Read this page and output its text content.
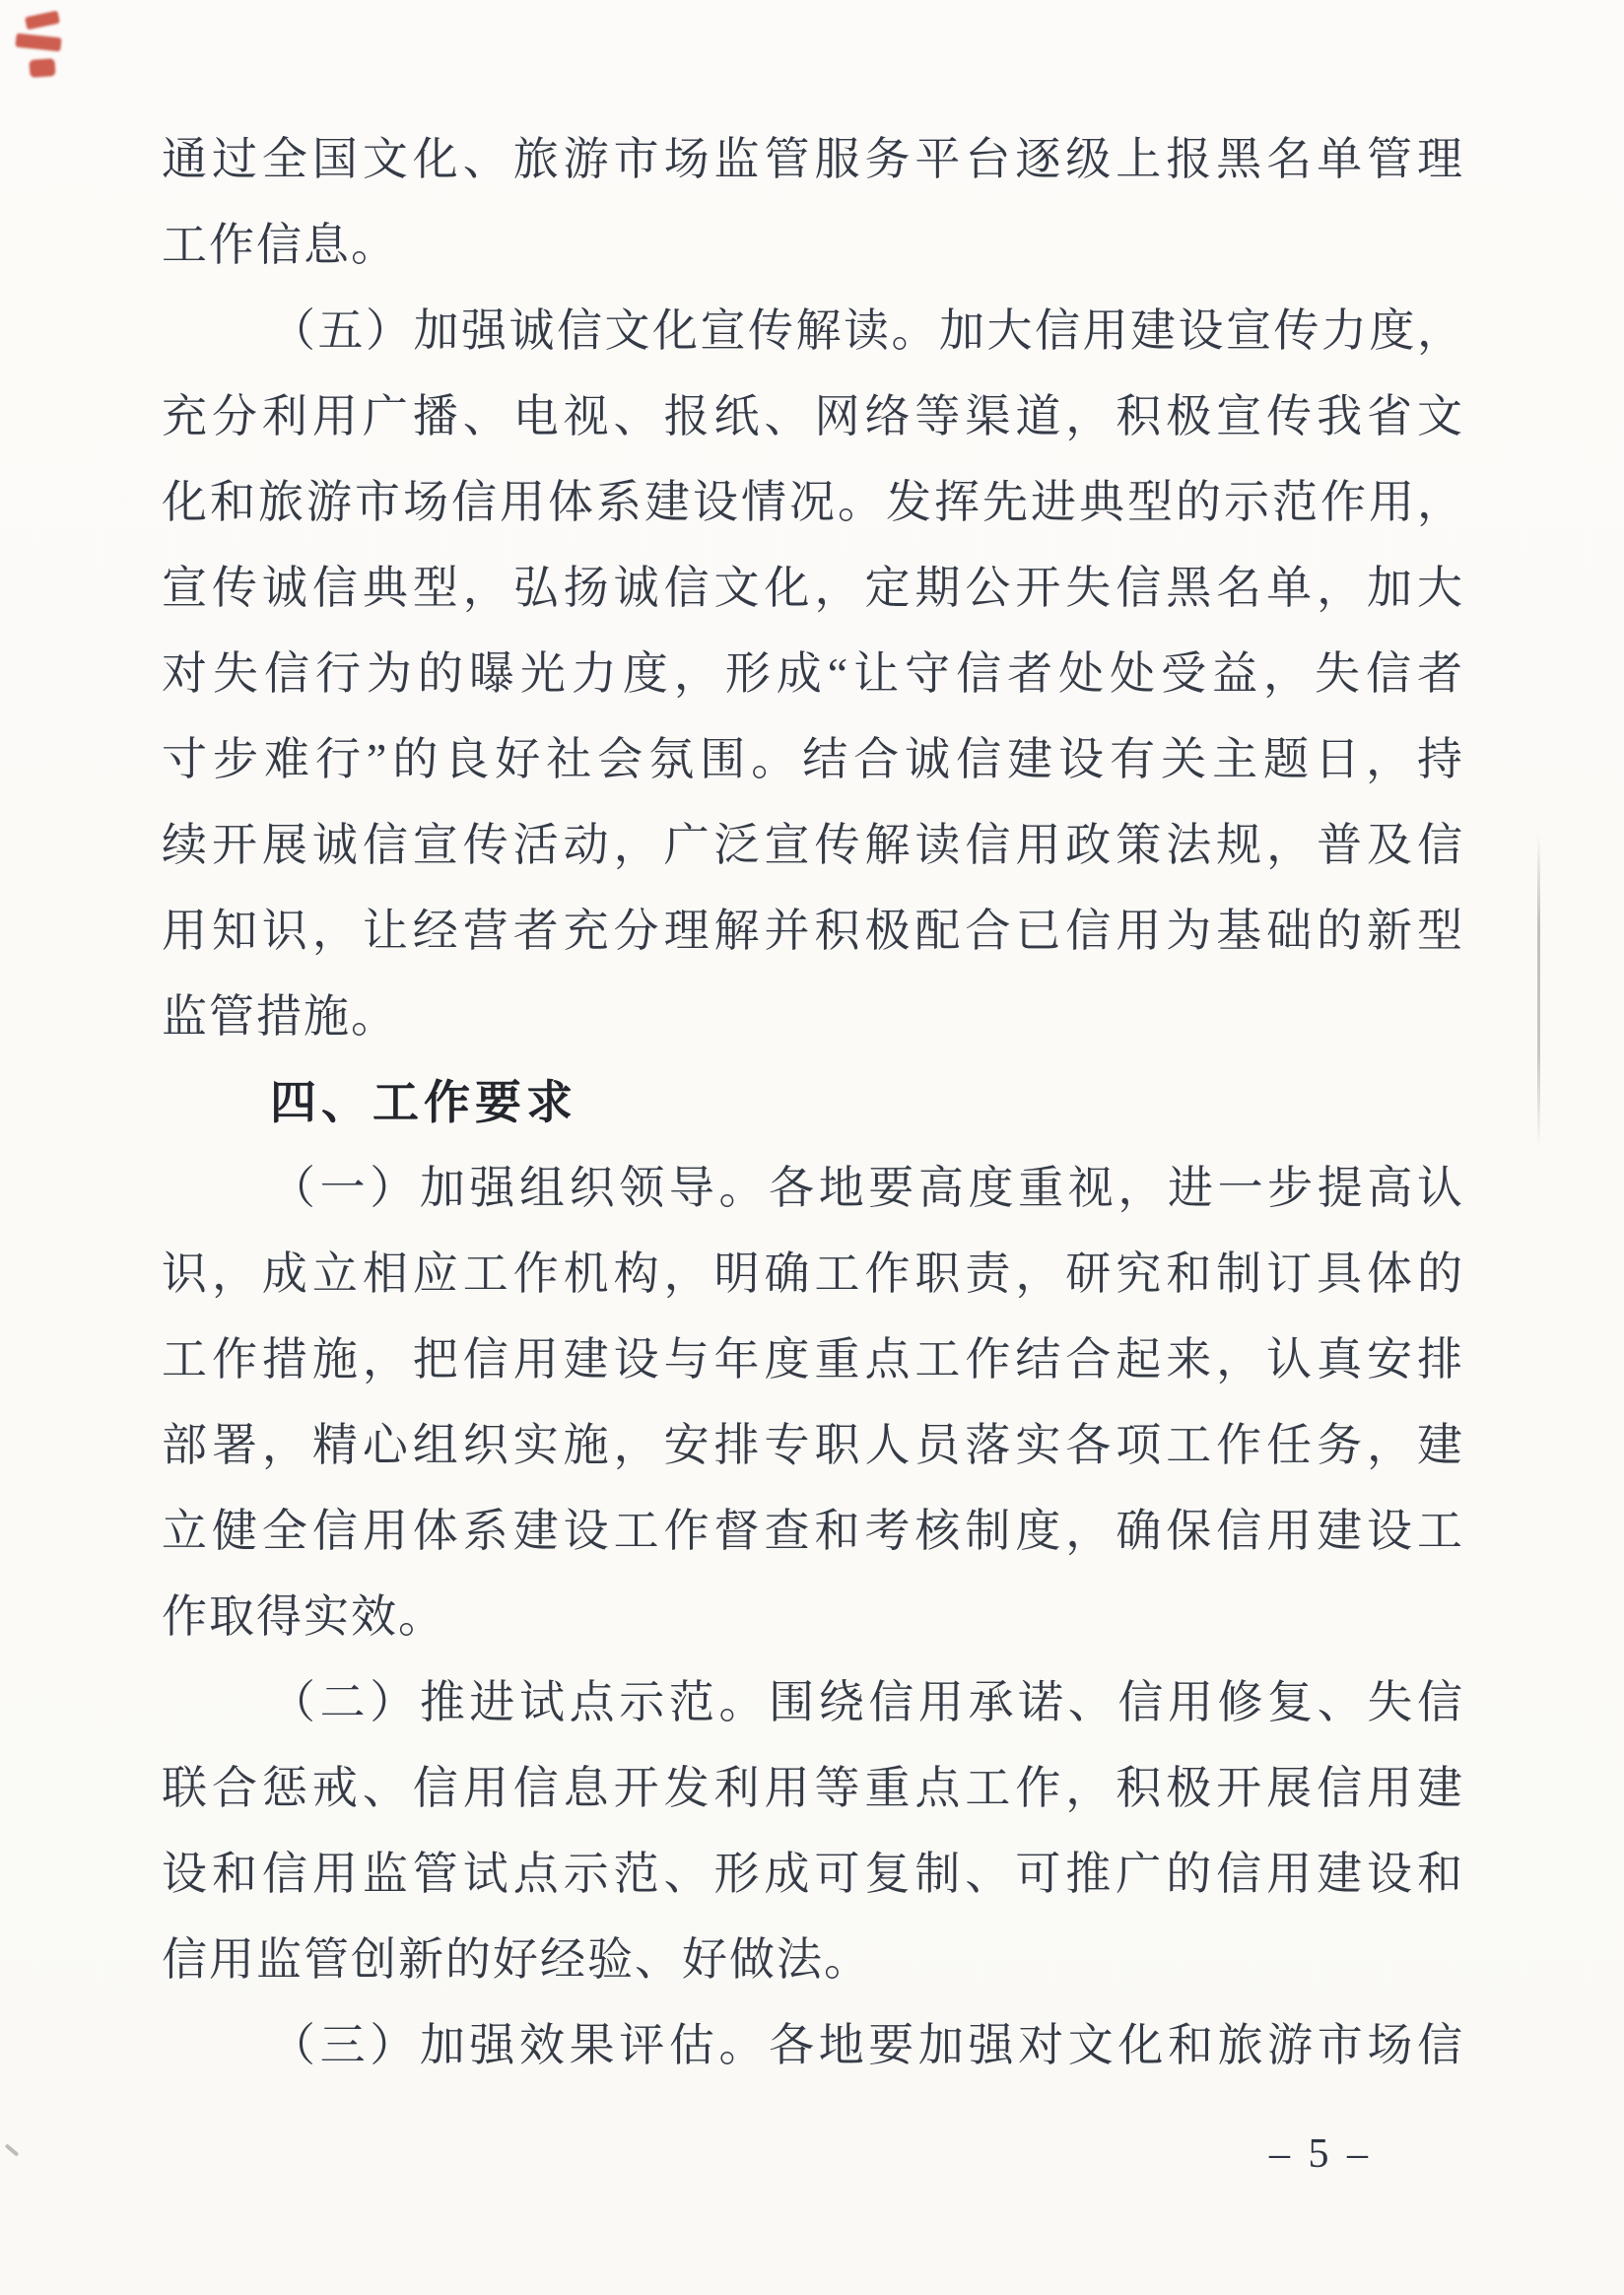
通过全国文化、旅游市场监管服务平台逐级上报黑名单管理
工作信息。
（五）加强诚信文化宣传解读。加大信用建设宣传力度，
充分利用广播、电视、报纸、网络等渠道，积极宣传我省文
化和旅游市场信用体系建设情况。发挥先进典型的示范作用，
宣传诚信典型，弘扬诚信文化，定期公开失信黑名单，加大
对失信行为的曝光力度，形成“让守信者处处受益，失信者
寸步难行”的良好社会氛围。结合诚信建设有关主题日，持
续开展诚信宣传活动，广泛宣传解读信用政策法规，普及信
用知识，让经营者充分理解并积极配合已信用为基础的新型
监管措施。
四、工作要求
（一）加强组织领导。各地要高度重视，进一步提高认
识，成立相应工作机构，明确工作职责，研究和制订具体的
工作措施，把信用建设与年度重点工作结合起来，认真安排
部署，精心组织实施，安排专职人员落实各项工作任务，建
立健全信用体系建设工作督查和考核制度，确保信用建设工
作取得实效。
（二）推进试点示范。围绕信用承诺、信用修复、失信
联合惩戒、信用信息开发利用等重点工作，积极开展信用建
设和信用监管试点示范、形成可复制、可推广的信用建设和
信用监管创新的好经验、好做法。
（三）加强效果评估。各地要加强对文化和旅游市场信
– 5 –
